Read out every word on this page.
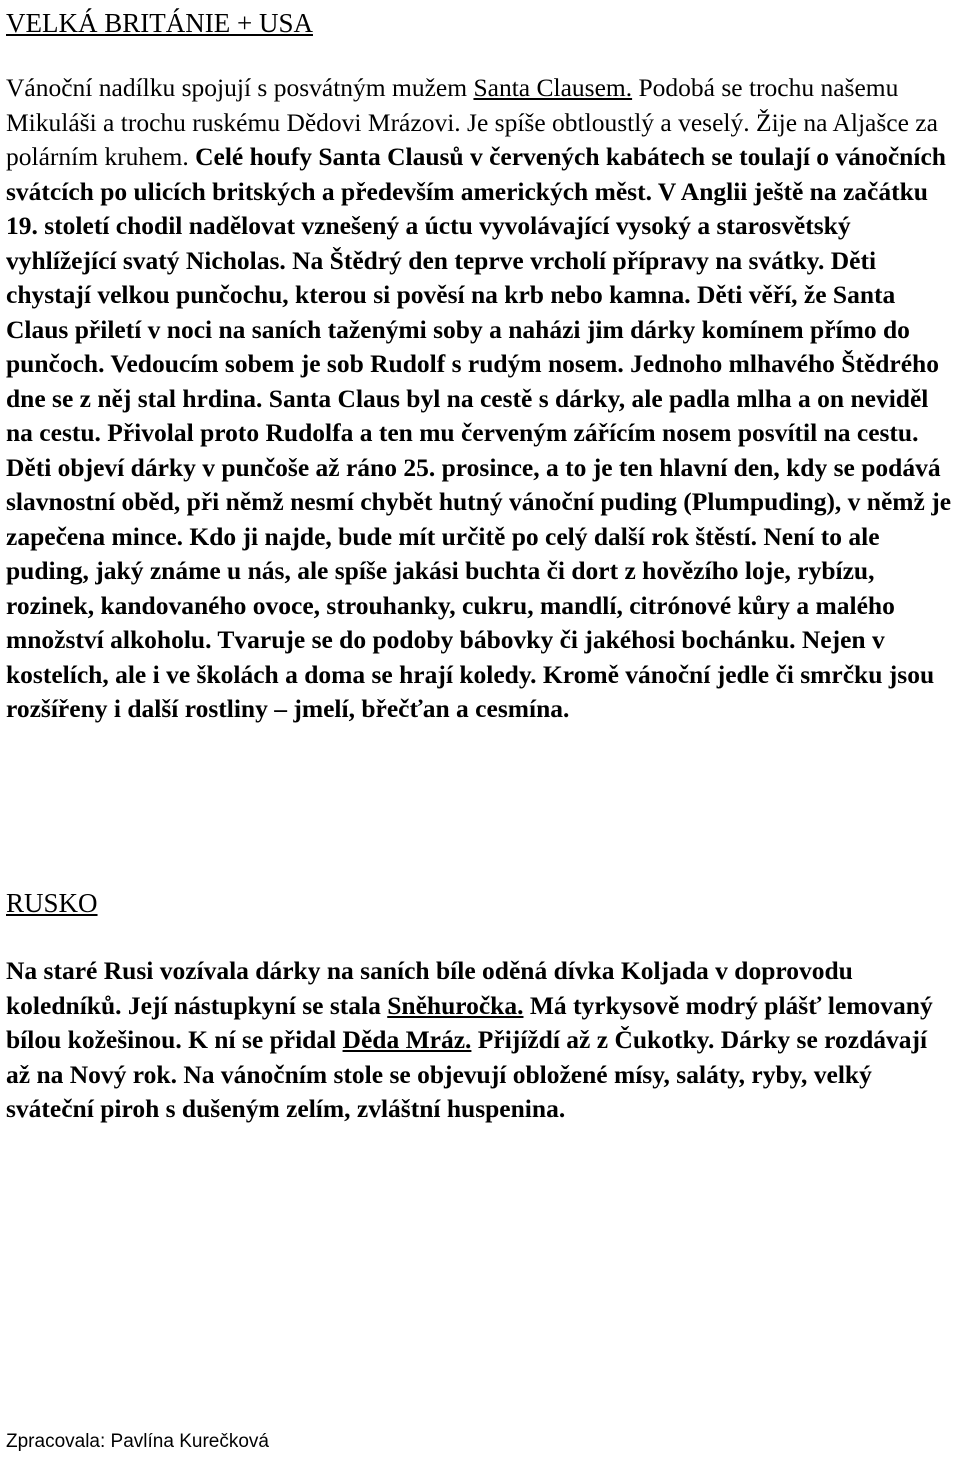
VELKÁ BRITÁNIE + USA

Vánoční nadílku spojují s posvátným mužem Santa Clausem. Podobá se trochu našemu Mikuláši a trochu ruskému Dědovi Mrázovi. Je spíše obtloustlý a veselý. Žije na Aljašce za polárním kruhem. Celé houfy Santa Clausů v červených kabátech se toulají o vánočních svátcích po ulicích britských a především amerických měst. V Anglii ještě na začátku 19. století chodil nadělovat vznešený a úctu vyvolávající vysoký a starosvětský vyhlížející svatý Nicholas. Na Štědrý den teprve vrcholí přípravy na svátky. Děti chystají velkou punčochu, kterou si pověsí na krb nebo kamna. Děti věří, že Santa Claus přiletí v noci na saních taženými soby a naházi jim dárky komínem přímo do punčoch. Vedoucím sobem je sob Rudolf s rudým nosem. Jednoho mlhavého Štědrého dne se z něj stal hrdina. Santa Claus byl na cestě s dárky, ale padla mlha a on neviděl na cestu. Přivolal proto Rudolfa a ten mu červeným zářícím nosem posvítil na cestu. Děti objeví dárky v punčoše až ráno 25. prosince, a to je ten hlavní den, kdy se podává slavnostní oběd, při němž nesmí chybět hutný vánoční puding (Plumpuding), v němž je zapečena mince. Kdo ji najde, bude mít určitě po celý další rok štěstí. Není to ale puding, jaký známe u nás, ale spíše jakási buchta či dort z hovězího loje, rybízu, rozinek, kandovaného ovoce, strouhanky, cukru, mandlí, citrónové kůry a malého množství alkoholu. Tvaruje se do podoby bábovky či jakéhosi bochánku. Nejen v kostelích, ale i ve školách a doma se hrají koledy. Kromě vánoční jedle či smrčku jsou rozšířeny i další rostliny – jmelí, břečťan a cesmína.

RUSKO

Na staré Rusi vozívala dárky na saních bíle oděná dívka Koljada v doprovodu koledníků. Její nástupkyní se stala Sněhuročka. Má tyrkysově modrý plášť lemovaný bílou kožešinou. K ní se přidal Děda Mráz. Přijíždí až z Čukotky. Dárky se rozdávají až na Nový rok. Na vánočním stole se objevují obložené mísy, saláty, ryby, velký sváteční piroh s dušeným zelím, zvláštní huspenina.

Zpracovala: Pavlína Kurečková
